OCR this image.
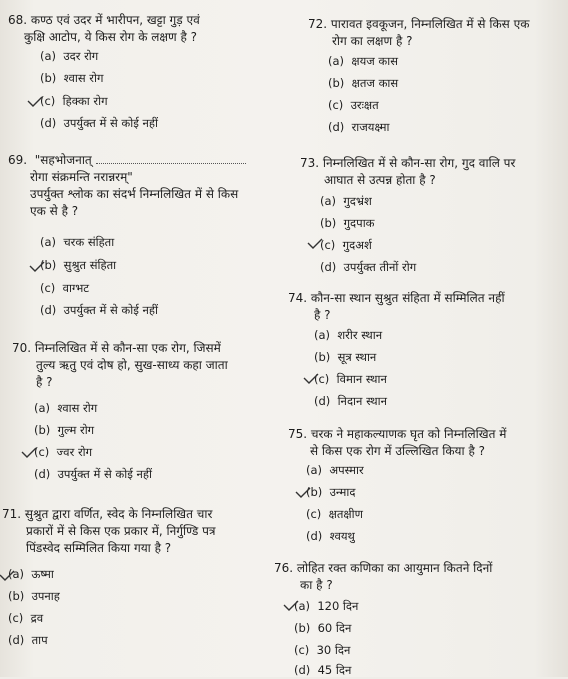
68. कण्ठ एवं उदर में भारीपन, खट्टा गुड़ एवं
कुक्षि आटोप, ये किस रोग के लक्षण है ?
(a)  उदर रोग
(b)  श्वास रोग
(c)  हिक्का रोग
(d)  उपर्युक्त में से कोई नहीं
69.  "सहभोजनात्
रोगा संक्रमन्ति नरान्नरम्"
उपर्युक्त श्लोक का संदर्भ निम्नलिखित में से किस
एक से है ?
(a)  चरक संहिता
(b)  सुश्रुत संहिता
(c)  वाग्भट
(d)  उपर्युक्त में से कोई नहीं
70. निम्नलिखित में से कौन-सा एक रोग, जिसमें
तुल्य ऋतु एवं दोष हो, सुख-साध्य कहा जाता
है ?
(a)  श्वास रोग
(b)  गुल्म रोग
(c)  ज्वर रोग
(d)  उपर्युक्त में से कोई नहीं
71. सुश्रुत द्वारा वर्णित, स्वेद के निम्नलिखित चार
प्रकारों में से किस एक प्रकार में, निर्गुण्डि पत्र
पिंडस्वेद सम्मिलित किया गया है ?
(a)  ऊष्मा
(b)  उपनाह
(c)  द्रव
(d)  ताप
72. पारावत इवकूजन, निम्नलिखित में से किस एक
रोग का लक्षण है ?
(a)  क्षयज कास
(b)  क्षतज कास
(c)  उरःक्षत
(d)  राजयक्ष्मा
73. निम्नलिखित में से कौन-सा रोग, गुद वालि पर
आघात से उत्पन्न होता है ?
(a)  गुदभ्रंश
(b)  गुदपाक
(c)  गुदअर्श
(d)  उपर्युक्त तीनों रोग
74. कौन-सा स्थान सुश्रुत संहिता में सम्मिलित नहीं
है ?
(a)  शरीर स्थान
(b)  सूत्र स्थान
(c)  विमान स्थान
(d)  निदान स्थान
75. चरक ने महाकल्याणक घृत को निम्नलिखित में
से किस एक रोग में उल्लिखित किया है ?
(a)  अपस्मार
(b)  उन्माद
(c)  क्षतक्षीण
(d)  श्वयथु
76. लोहित रक्त कणिका का आयुमान कितने दिनों
का है ?
(a)  120 दिन
(b)  60 दिन
(c)  30 दिन
(d)  45 दिन
